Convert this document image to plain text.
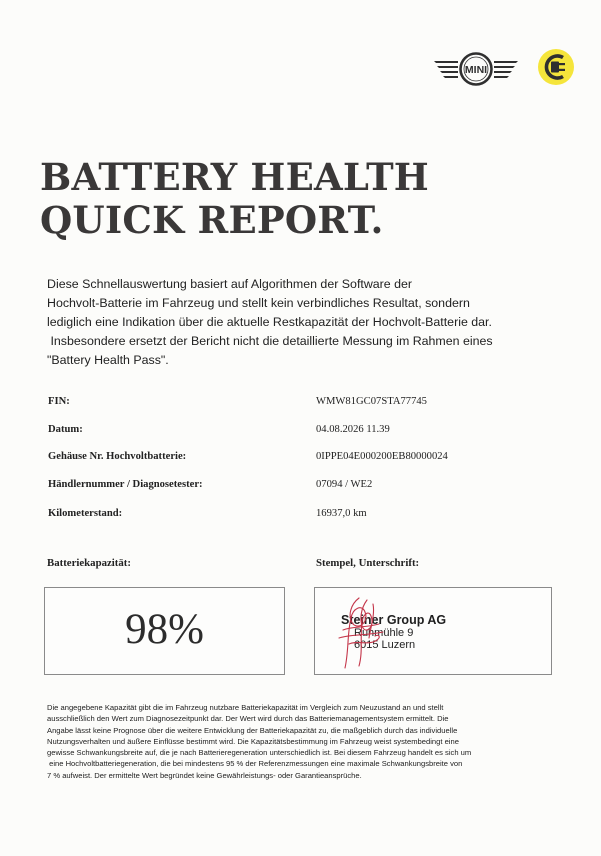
MINI
BATTERY HEALTH
QUICK REPORT.

Diese Schnellauswertung basiert auf Algorithmen der Software der

Hochvolt-Batterie im Fahrzeug und stellt kein verbindliches Resultat, sondern

lediglich eine Indikation über die aktuelle Restkapazität der Hochvolt-Batterie dar.

Insbesondere ersetzt der Bericht nicht die detaillierte Messung im Rahmen eines

"Battery Health Pass".

FIN:	WMW81GC07STA77745
Datum:	04.08.2026 11.39
Gehäuse Nr. Hochvoltbatterie:	0IPPE04E000200EB80000024
Händlernummer / Diagnosetester:	07094 / WE2
Kilometerstand:	16937,0 km
Batteriekapazität:	Stempel, Unterschrift:
98%	Steiner Group AG
Ruhmühle 9
6015 Luzern

Die angegebene Kapazität gibt die im Fahrzeug nutzbare Batteriekapazität im Vergleich zum Neuzustand an und stellt

ausschließlich den Wert zum Diagnosezeitpunkt dar. Der Wert wird durch das Batteriemanagementsystem ermittelt. Die

Angabe lässt keine Prognose über die weitere Entwicklung der Batteriekapazität zu, die maßgeblich durch das individuelle

Nutzungsverhalten und äußere Einflüsse bestimmt wird. Die Kapazitätsbestimmung im Fahrzeug weist systembedingt eine

gewisse Schwankungsbreite auf, die je nach Batterieregeneration unterschiedlich ist. Bei diesem Fahrzeug handelt es sich um

eine Hochvoltbatteriegeneration, die bei mindestens 95 % der Referenzmessungen eine maximale Schwankungsbreite von

7 % aufweist. Der ermittelte Wert begründet keine Gewährleistungs- oder Garantieansprüche.
